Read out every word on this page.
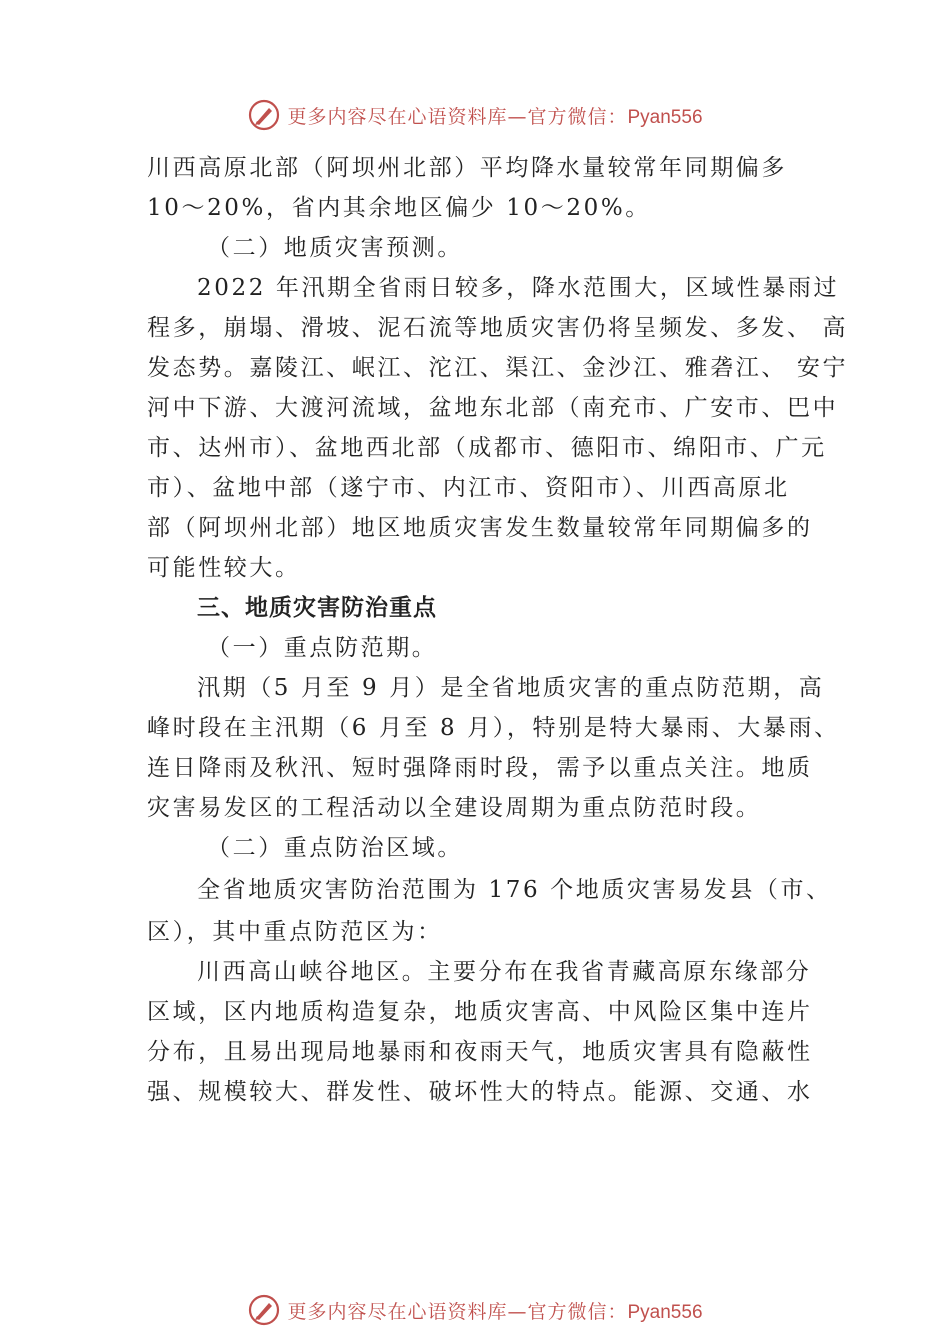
更多内容尽在心语资料库—官方微信：Pyan556
川西高原北部（阿坝州北部）平均降水量较常年同期偏多
10～20%，省内其余地区偏少 10～20%。
（二）地质灾害预测。
2022 年汛期全省雨日较多，降水范围大，区域性暴雨过
程多，崩塌、滑坡、泥石流等地质灾害仍将呈频发、多发、 高
发态势。嘉陵江、岷江、沱江、渠江、金沙江、雅砻江、 安宁
河中下游、大渡河流域，盆地东北部（南充市、广安市、巴中
市、达州市）、盆地西北部（成都市、德阳市、绵阳市、广元
市）、盆地中部（遂宁市、内江市、资阳市）、川西高原北
部（阿坝州北部）地区地质灾害发生数量较常年同期偏多的
可能性较大。
三、地质灾害防治重点
（一）重点防范期。
汛期（5 月至 9 月）是全省地质灾害的重点防范期，高
峰时段在主汛期（6 月至 8 月），特别是特大暴雨、大暴雨、
连日降雨及秋汛、短时强降雨时段，需予以重点关注。地质
灾害易发区的工程活动以全建设周期为重点防范时段。
（二）重点防治区域。
全省地质灾害防治范围为 176 个地质灾害易发县（市、
区），其中重点防范区为：
川西高山峡谷地区。主要分布在我省青藏高原东缘部分
区域，区内地质构造复杂，地质灾害高、中风险区集中连片
分布，且易出现局地暴雨和夜雨天气，地质灾害具有隐蔽性
强、规模较大、群发性、破坏性大的特点。能源、交通、水
更多内容尽在心语资料库—官方微信：Pyan556
